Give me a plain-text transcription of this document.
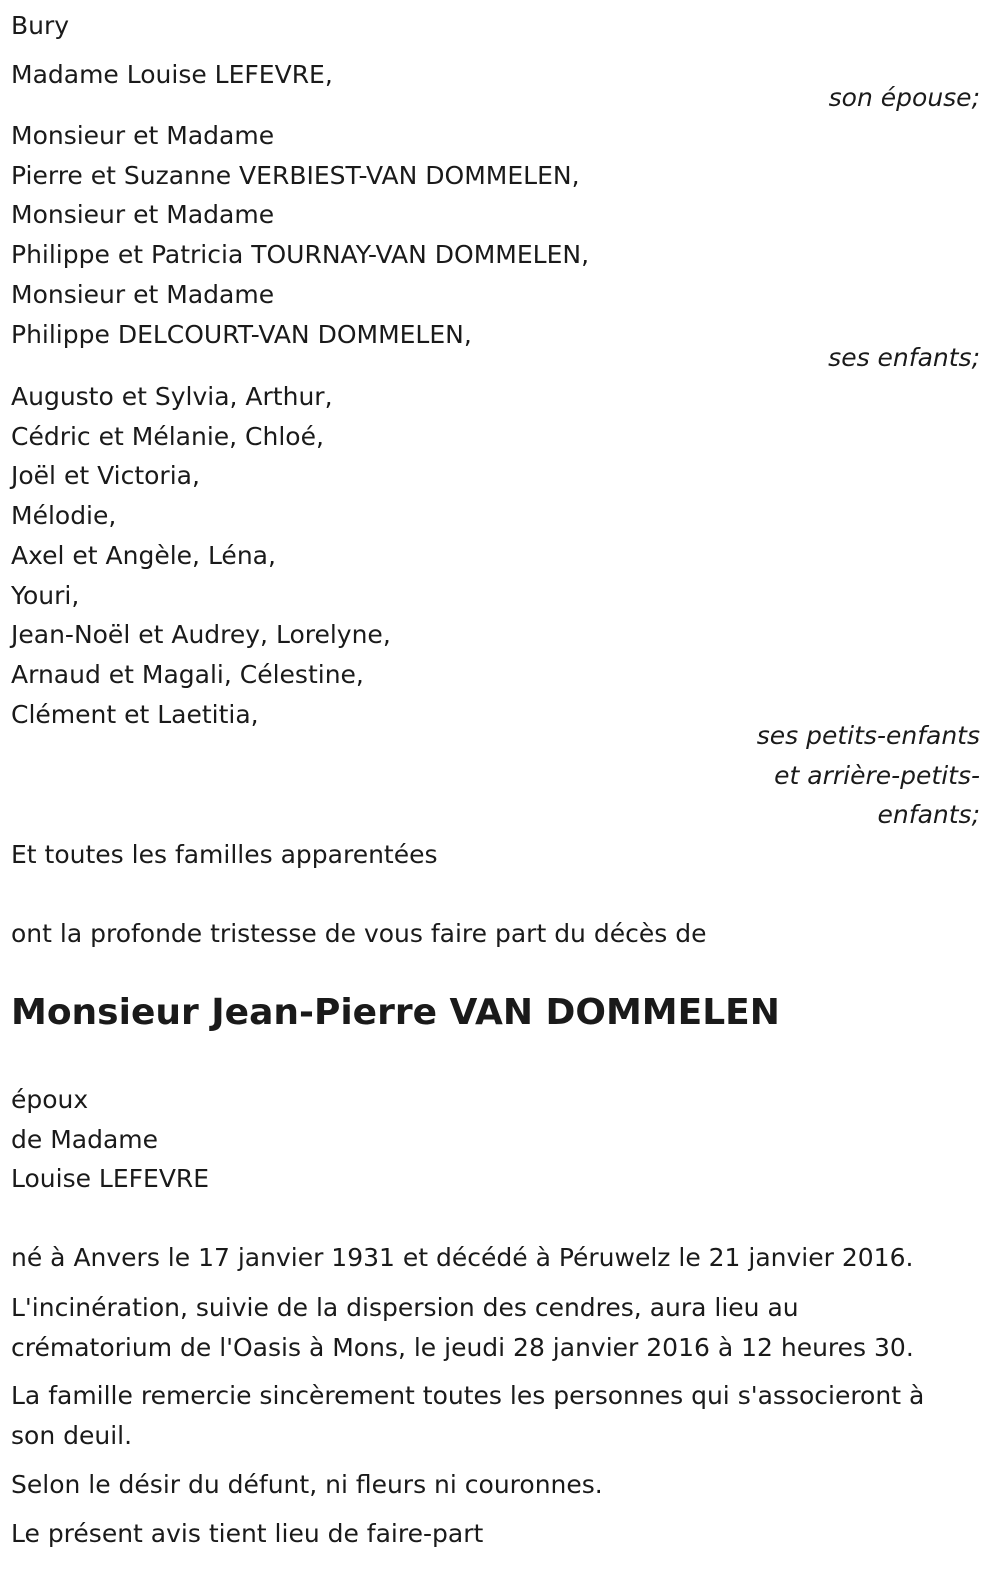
Bury
Madame Louise LEFEVRE,
son épouse;
Monsieur et Madame
Pierre et Suzanne VERBIEST-VAN DOMMELEN,
Monsieur et Madame
Philippe et Patricia TOURNAY-VAN DOMMELEN,
Monsieur et Madame
Philippe DELCOURT-VAN DOMMELEN,
ses enfants;
Augusto et Sylvia, Arthur,
Cédric et Mélanie, Chloé,
Joël et Victoria,
Mélodie,
Axel et Angèle, Léna,
Youri,
Jean-Noël et Audrey, Lorelyne,
Arnaud et Magali, Célestine,
Clément et Laetitia,
ses petits-enfants
et arrière-petits-
enfants;
Et toutes les familles apparentées
ont la profonde tristesse de vous faire part du décès de
Monsieur Jean-Pierre VAN DOMMELEN
époux
de Madame
Louise LEFEVRE
né à Anvers le 17 janvier 1931 et décédé à Péruwelz le 21 janvier 2016.
L'incinération, suivie de la dispersion des cendres, aura lieu au
crématorium de l'Oasis à Mons, le jeudi 28 janvier 2016 à 12 heures 30.
La famille remercie sincèrement toutes les personnes qui s'associeront à
son deuil.
Selon le désir du défunt, ni fleurs ni couronnes.
Le présent avis tient lieu de faire-part
